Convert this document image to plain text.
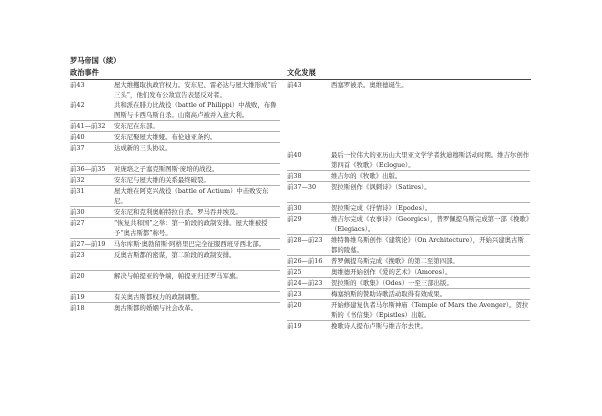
罗马帝国（续）
政治事件	文化发展
前43	屋大维攫取执政官权力。安东尼、雷必达与屋大维形成“后三头”，他们发布公敌宣告表惩反对者。
前42	共和派在腓力比战役（battle of Philippi）中战败，布鲁图斯与卡西乌斯自杀。山南高卢被并入意大利。
前41—前32	安东尼在东部。
前40	安东尼娶屋大维娅。布伦迪亚条约。
前37	达成新的三头协议。

前36—前35	对庞培之子塞克斯图斯·庞培的战役。
前32	安东尼与屋大维的关系最终破裂。
前31	屋大维在阿克兴战役（battle of Actium）中击败安东尼。
前30	安东尼和克利奥帕特拉自杀。罗马吞并埃及。
前27	“恢复共和国”之举：第一阶段的政制安排。屋大维被授予“奥古斯都”称号。
前27—前19	马尔库斯·奥勃留斯·阿格里巴完全征服西班牙西北部。
前23	反奥古斯都的密谋，第二阶段的政制安排。

前20	解决与帕提亚的争端，帕提亚归还罗马军旗。

前19	有关奥古斯都权力的政制调整。
前18	奥古斯都的婚姻与社会改革。
前43	西塞罗被杀。奥维德诞生。

前40	最后一位伟大的亚历山大里亚文学学者狄迪穆斯活动时期。维吉尔创作第四首《牧歌》（Eclogue）。
前38	维吉尔的《牧歌》出版。
前37—30	贺拉斯创作《讽刺诗》（Satires）。

前30	贺拉斯完成《抒情诗》（Epodes）。
前29	维吉尔完成《农事诗》（Georgics），普罗佩提乌斯完成第一部《挽歌》（Elegiacs）。
前28—前23	维特鲁维乌斯创作《建筑论》（On Architecture），开始兴建奥古斯都的陵墓。
前26—前16	普罗佩提乌斯完成《挽歌》的第二至第四部。
前25	奥维德开始创作《爱的艺术》（Amores）。
前24—前23	贺拉斯的《歌集》（Odes）一至三部出版。
前23	梅塞纳斯的赞助诗歌活动取得有效成果。
前20	开始修建复仇者马尔斯神庙（Temple of Mars the Avenger）。贺拉斯的《书信集》（Epistles）出版。
前19	挽歌诗人提布卢斯与维吉尔去世。
